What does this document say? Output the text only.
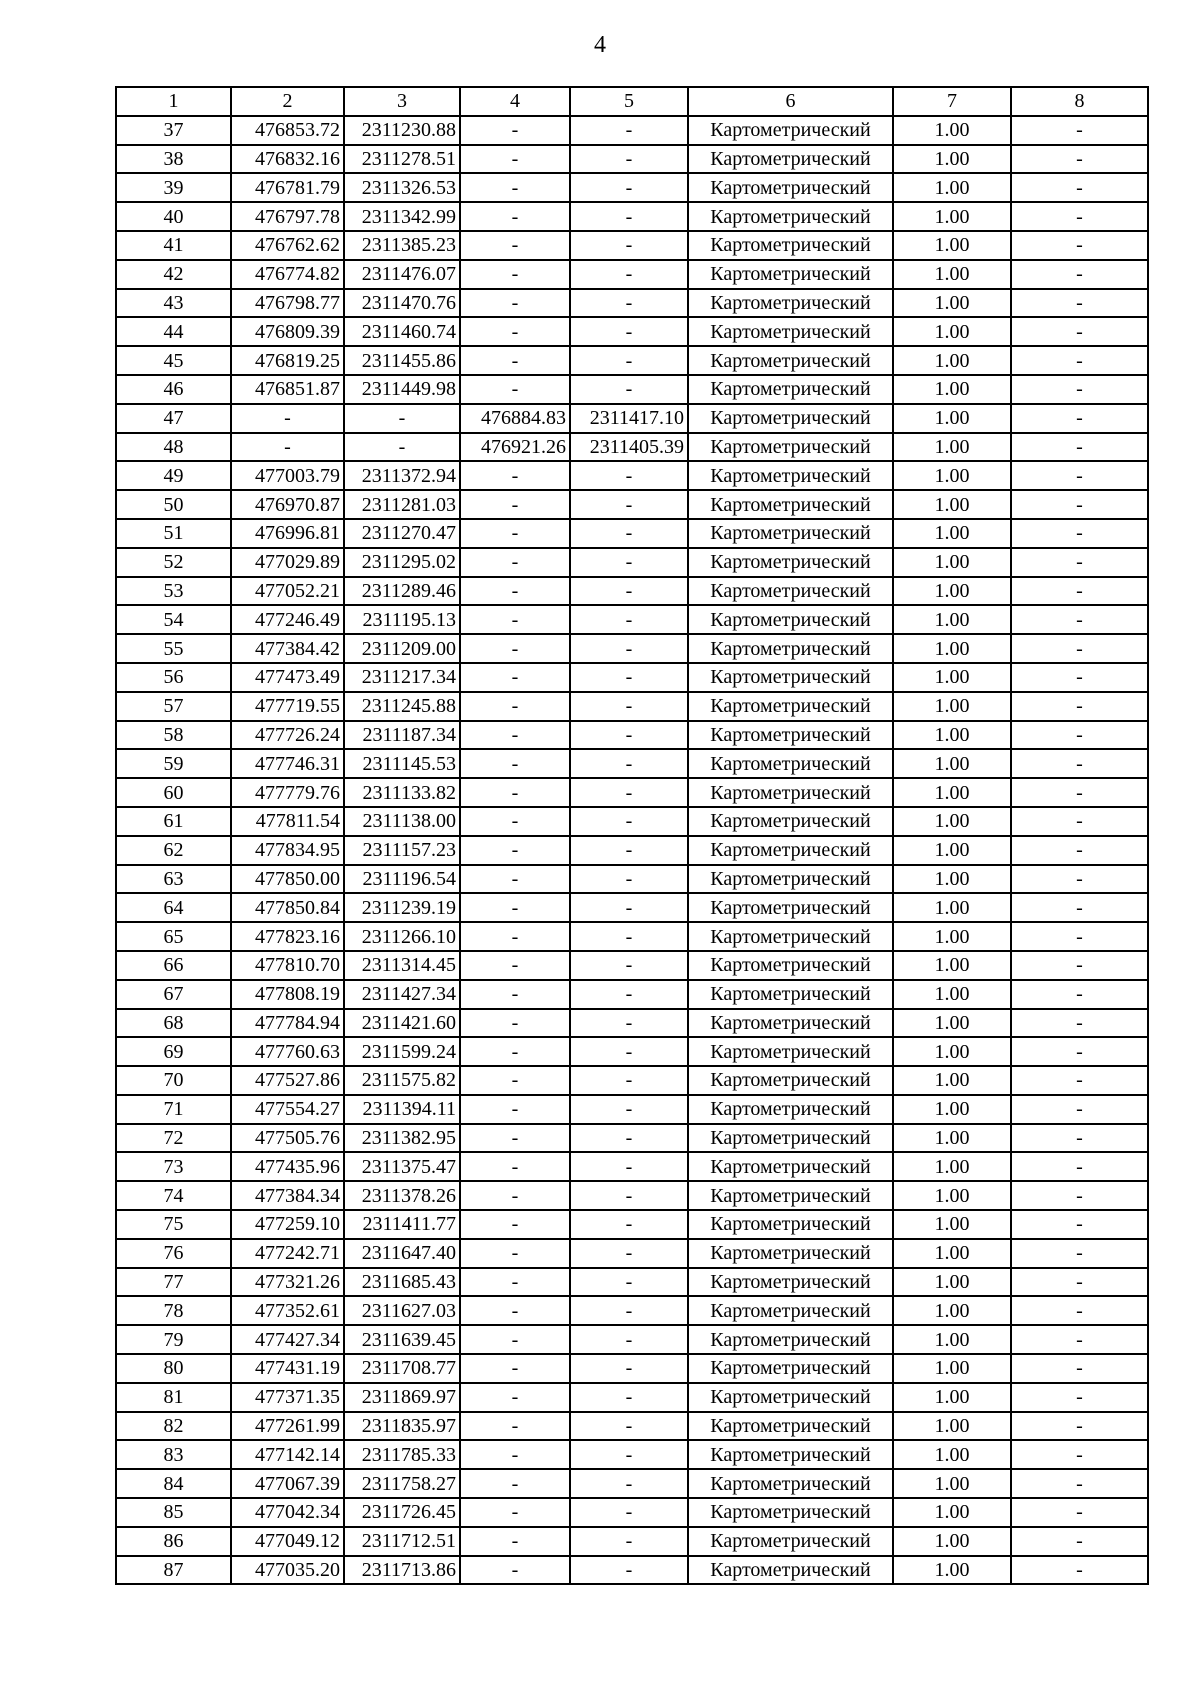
4
1	2	3	4	5	6	7	8
37	476853.72	2311230.88	-	-	Картометрический	1.00	-
38	476832.16	2311278.51	-	-	Картометрический	1.00	-
39	476781.79	2311326.53	-	-	Картометрический	1.00	-
40	476797.78	2311342.99	-	-	Картометрический	1.00	-
41	476762.62	2311385.23	-	-	Картометрический	1.00	-
42	476774.82	2311476.07	-	-	Картометрический	1.00	-
43	476798.77	2311470.76	-	-	Картометрический	1.00	-
44	476809.39	2311460.74	-	-	Картометрический	1.00	-
45	476819.25	2311455.86	-	-	Картометрический	1.00	-
46	476851.87	2311449.98	-	-	Картометрический	1.00	-
47	-	-	476884.83	2311417.10	Картометрический	1.00	-
48	-	-	476921.26	2311405.39	Картометрический	1.00	-
49	477003.79	2311372.94	-	-	Картометрический	1.00	-
50	476970.87	2311281.03	-	-	Картометрический	1.00	-
51	476996.81	2311270.47	-	-	Картометрический	1.00	-
52	477029.89	2311295.02	-	-	Картометрический	1.00	-
53	477052.21	2311289.46	-	-	Картометрический	1.00	-
54	477246.49	2311195.13	-	-	Картометрический	1.00	-
55	477384.42	2311209.00	-	-	Картометрический	1.00	-
56	477473.49	2311217.34	-	-	Картометрический	1.00	-
57	477719.55	2311245.88	-	-	Картометрический	1.00	-
58	477726.24	2311187.34	-	-	Картометрический	1.00	-
59	477746.31	2311145.53	-	-	Картометрический	1.00	-
60	477779.76	2311133.82	-	-	Картометрический	1.00	-
61	477811.54	2311138.00	-	-	Картометрический	1.00	-
62	477834.95	2311157.23	-	-	Картометрический	1.00	-
63	477850.00	2311196.54	-	-	Картометрический	1.00	-
64	477850.84	2311239.19	-	-	Картометрический	1.00	-
65	477823.16	2311266.10	-	-	Картометрический	1.00	-
66	477810.70	2311314.45	-	-	Картометрический	1.00	-
67	477808.19	2311427.34	-	-	Картометрический	1.00	-
68	477784.94	2311421.60	-	-	Картометрический	1.00	-
69	477760.63	2311599.24	-	-	Картометрический	1.00	-
70	477527.86	2311575.82	-	-	Картометрический	1.00	-
71	477554.27	2311394.11	-	-	Картометрический	1.00	-
72	477505.76	2311382.95	-	-	Картометрический	1.00	-
73	477435.96	2311375.47	-	-	Картометрический	1.00	-
74	477384.34	2311378.26	-	-	Картометрический	1.00	-
75	477259.10	2311411.77	-	-	Картометрический	1.00	-
76	477242.71	2311647.40	-	-	Картометрический	1.00	-
77	477321.26	2311685.43	-	-	Картометрический	1.00	-
78	477352.61	2311627.03	-	-	Картометрический	1.00	-
79	477427.34	2311639.45	-	-	Картометрический	1.00	-
80	477431.19	2311708.77	-	-	Картометрический	1.00	-
81	477371.35	2311869.97	-	-	Картометрический	1.00	-
82	477261.99	2311835.97	-	-	Картометрический	1.00	-
83	477142.14	2311785.33	-	-	Картометрический	1.00	-
84	477067.39	2311758.27	-	-	Картометрический	1.00	-
85	477042.34	2311726.45	-	-	Картометрический	1.00	-
86	477049.12	2311712.51	-	-	Картометрический	1.00	-
87	477035.20	2311713.86	-	-	Картометрический	1.00	-
